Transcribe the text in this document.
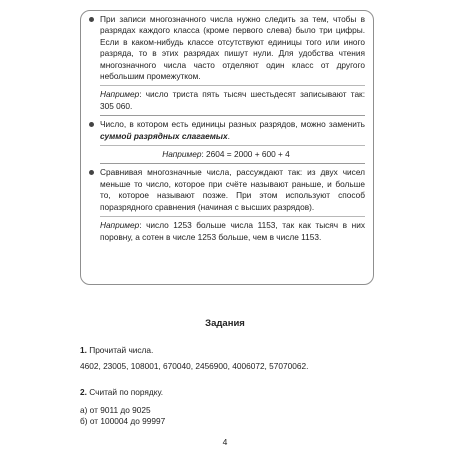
При записи многозначного числа нужно следить за тем, чтобы в разрядах каждого класса (кроме первого слева) было три цифры. Если в каком-нибудь классе отсутствуют единицы того или иного разряда, то в этих разрядах пишут нули. Для удобства чтения многозначного числа часто отделяют один класс от другого небольшим промежутком.
Например: число триста пять тысяч шестьдесят записывают так: 305 060.
Число, в котором есть единицы разных разрядов, можно заменить суммой разрядных слагаемых.
Например: 2604 = 2000 + 600 + 4
Сравнивая многозначные числа, рассуждают так: из двух чисел меньше то число, которое при счёте называют раньше, и больше то, которое называют позже. При этом используют способ поразрядного сравнения (начиная с высших разрядов).
Например: число 1253 больше числа 1153, так как тысяч в них поровну, а сотен в числе 1253 больше, чем в числе 1153.
Задания
1. Прочитай числа.
4602, 23005, 108001, 670040, 2456900, 4006072, 57070062.
2. Считай по порядку.
а) от 9011 до 9025
б) от 100004 до 99997
4
